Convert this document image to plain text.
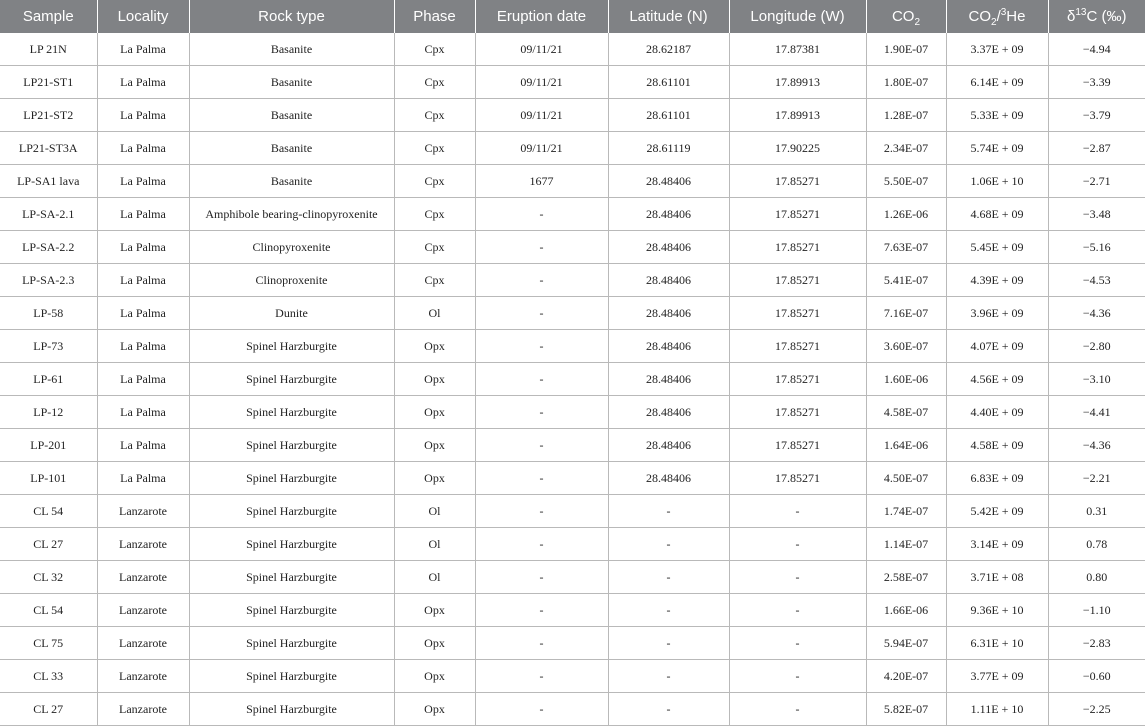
Sample	Locality	Rock type	Phase	Eruption date	Latitude (N)	Longitude (W)	$CO_2$	$CO_2/^3He$	$\delta^{13}C$ (‰)
LP 21N	La Palma	Basanite	Cpx	09/11/21	28.62187	17.87381	1.90E-07	3.37E + 09	−4.94
LP21-ST1	La Palma	Basanite	Cpx	09/11/21	28.61101	17.89913	1.80E-07	6.14E + 09	−3.39
LP21-ST2	La Palma	Basanite	Cpx	09/11/21	28.61101	17.89913	1.28E-07	5.33E + 09	−3.79
LP21-ST3A	La Palma	Basanite	Cpx	09/11/21	28.61119	17.90225	2.34E-07	5.74E + 09	−2.87
LP-SA1 lava	La Palma	Basanite	Cpx	1677	28.48406	17.85271	5.50E-07	1.06E + 10	−2.71
LP-SA-2.1	La Palma	Amphibole bearing-clinopyroxenite	Cpx	-	28.48406	17.85271	1.26E-06	4.68E + 09	−3.48
LP-SA-2.2	La Palma	Clinopyroxenite	Cpx	-	28.48406	17.85271	7.63E-07	5.45E + 09	−5.16
LP-SA-2.3	La Palma	Clinoproxenite	Cpx	-	28.48406	17.85271	5.41E-07	4.39E + 09	−4.53
LP-58	La Palma	Dunite	Ol	-	28.48406	17.85271	7.16E-07	3.96E + 09	−4.36
LP-73	La Palma	Spinel Harzburgite	Opx	-	28.48406	17.85271	3.60E-07	4.07E + 09	−2.80
LP-61	La Palma	Spinel Harzburgite	Opx	-	28.48406	17.85271	1.60E-06	4.56E + 09	−3.10
LP-12	La Palma	Spinel Harzburgite	Opx	-	28.48406	17.85271	4.58E-07	4.40E + 09	−4.41
LP-201	La Palma	Spinel Harzburgite	Opx	-	28.48406	17.85271	1.64E-06	4.58E + 09	−4.36
LP-101	La Palma	Spinel Harzburgite	Opx	-	28.48406	17.85271	4.50E-07	6.83E + 09	−2.21
CL 54	Lanzarote	Spinel Harzburgite	Ol	-	-	-	1.74E-07	5.42E + 09	0.31
CL 27	Lanzarote	Spinel Harzburgite	Ol	-	-	-	1.14E-07	3.14E + 09	0.78
CL 32	Lanzarote	Spinel Harzburgite	Ol	-	-	-	2.58E-07	3.71E + 08	0.80
CL 54	Lanzarote	Spinel Harzburgite	Opx	-	-	-	1.66E-06	9.36E + 10	−1.10
CL 75	Lanzarote	Spinel Harzburgite	Opx	-	-	-	5.94E-07	6.31E + 10	−2.83
CL 33	Lanzarote	Spinel Harzburgite	Opx	-	-	-	4.20E-07	3.77E + 09	−0.60
CL 27	Lanzarote	Spinel Harzburgite	Opx	-	-	-	5.82E-07	1.11E + 10	−2.25
